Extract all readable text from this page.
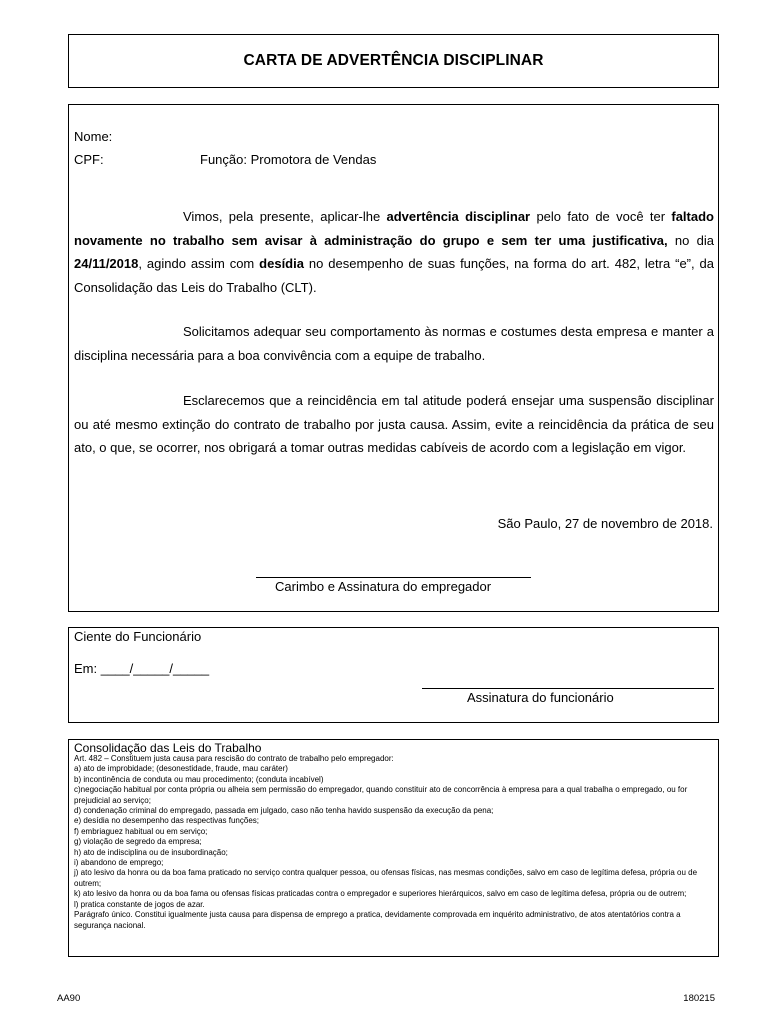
CARTA DE ADVERTÊNCIA DISCIPLINAR
Nome:
CPF:	Função: Promotora de Vendas
Vimos, pela presente, aplicar-lhe advertência disciplinar pelo fato de você ter faltado novamente no trabalho sem avisar à administração do grupo e sem ter uma justificativa, no dia 24/11/2018, agindo assim com desídia no desempenho de suas funções, na forma do art. 482, letra “e”, da Consolidação das Leis do Trabalho (CLT).
Solicitamos adequar seu comportamento às normas e costumes desta empresa e manter a disciplina necessária para a boa convivência com a equipe de trabalho.
Esclarecemos que a reincidência em tal atitude poderá ensejar uma suspensão disciplinar ou até mesmo extinção do contrato de trabalho por justa causa. Assim, evite a reincidência da prática de seu ato, o que, se ocorrer, nos obrigará a tomar outras medidas cabíveis de acordo com a legislação em vigor.
São Paulo, 27 de novembro de 2018.
Carimbo e Assinatura do empregador
Ciente do Funcionário
Em: ____/_____/_____
Assinatura do funcionário
Consolidação das Leis do Trabalho
Art. 482 – Constituem justa causa para rescisão do contrato de trabalho pelo empregador:
a) ato de improbidade; (desonestidade, fraude, mau caráter)
b) incontinência de conduta ou mau procedimento; (conduta incabível)
c)negociação habitual por conta própria ou alheia sem permissão do empregador, quando constituir ato de concorrência à empresa para a qual trabalha o empregado, ou for prejudicial ao serviço;
d) condenação criminal do empregado, passada em julgado, caso não tenha havido suspensão da execução da pena;
e) desídia no desempenho das respectivas funções;
f) embriaguez habitual ou em serviço;
g) violação de segredo da empresa;
h) ato de indisciplina ou de insubordinação;
i) abandono de emprego;
j) ato lesivo da honra ou da boa fama praticado no serviço contra qualquer pessoa, ou ofensas físicas, nas mesmas condições, salvo em caso de legítima defesa, própria ou de outrem;
k) ato lesivo da honra ou da boa fama ou ofensas físicas praticadas contra o empregador e superiores hierárquicos, salvo em caso de legítima defesa, própria ou de outrem;
l) pratica constante de jogos de azar.
Parágrafo único. Constitui igualmente justa causa para dispensa de emprego a pratica, devidamente comprovada em inquérito administrativo, de atos atentatórios contra a segurança nacional.
AA90	180215
